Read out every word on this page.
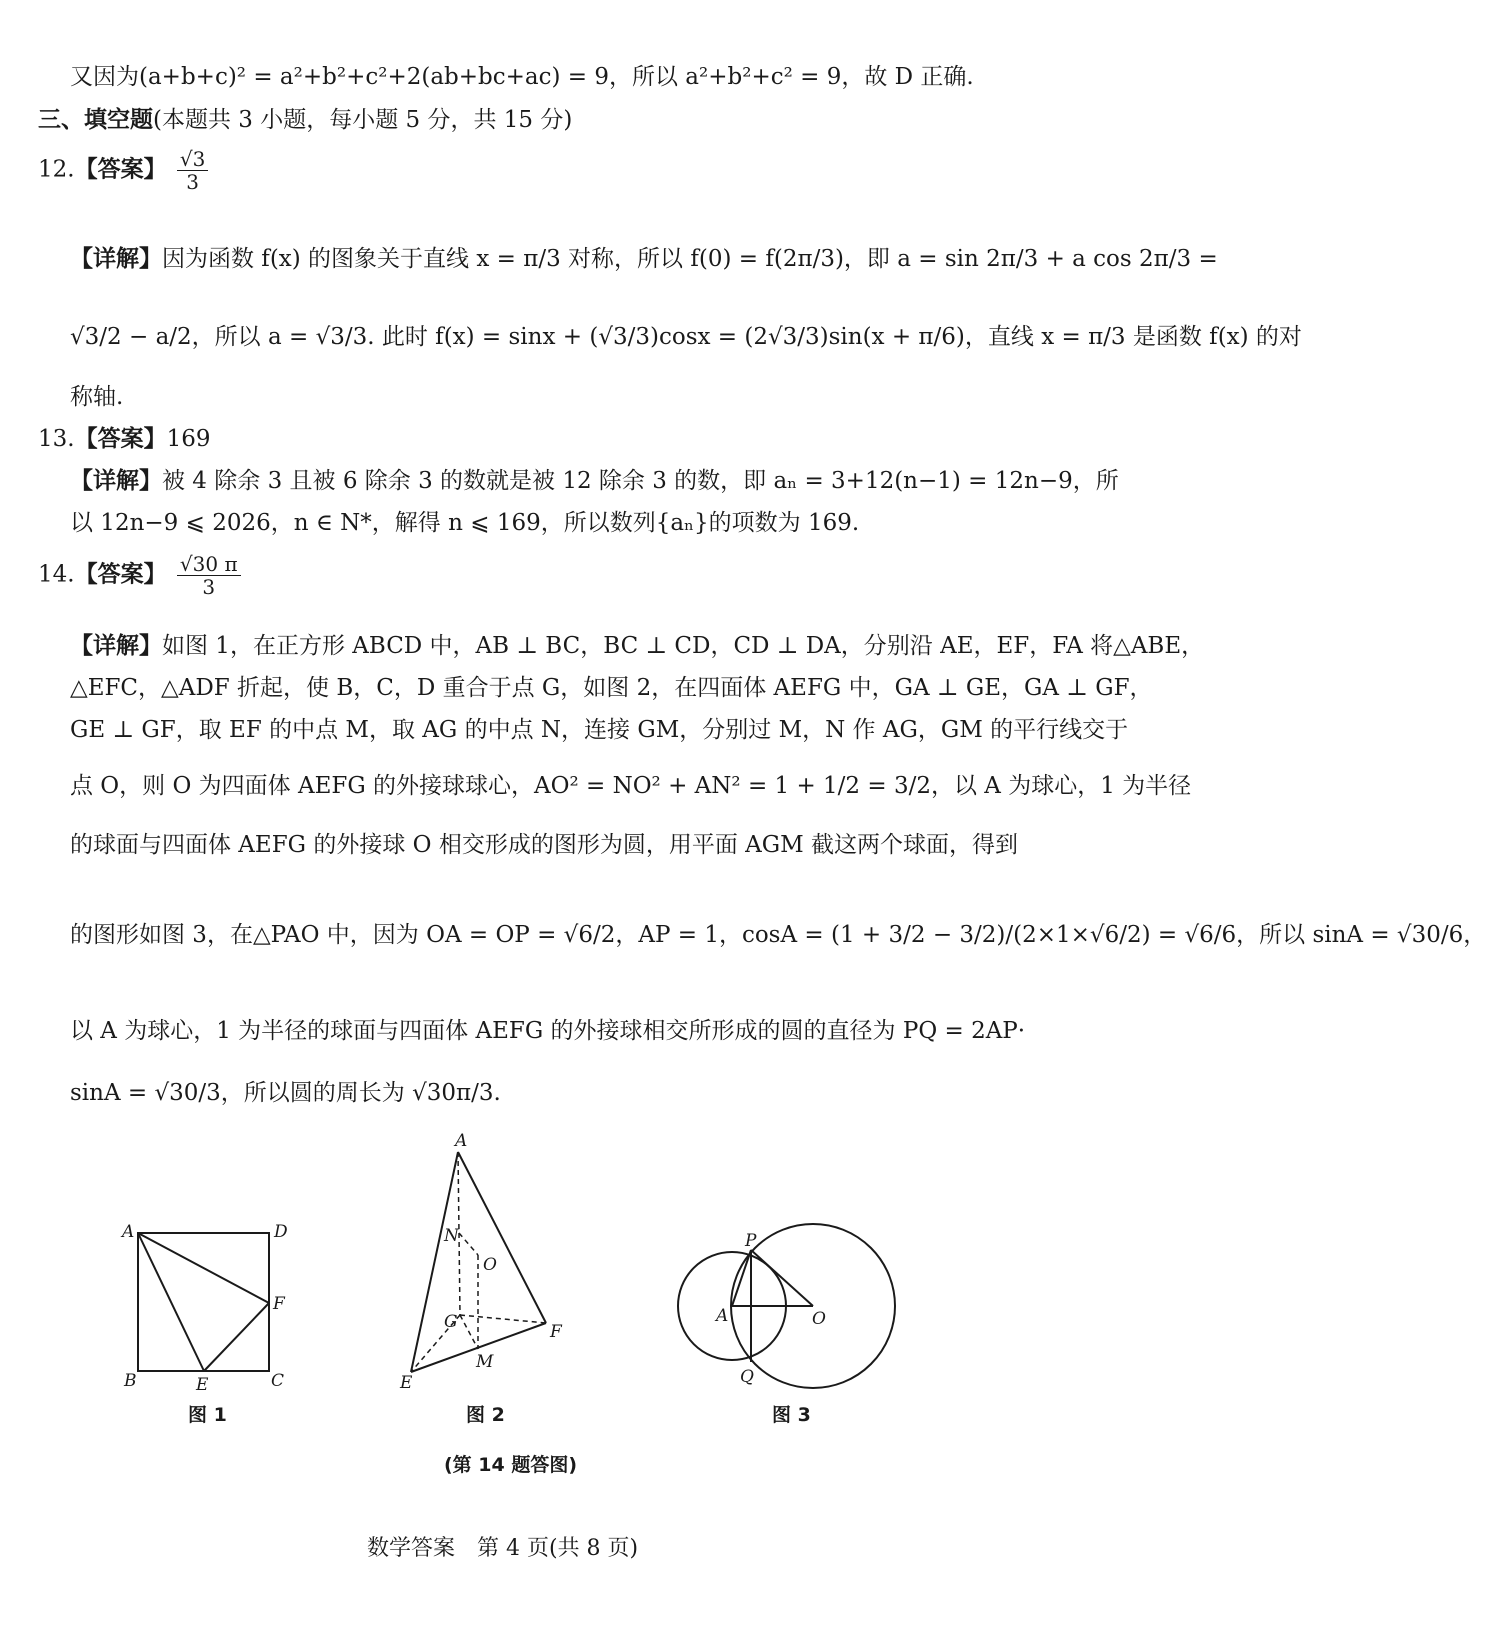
又因为(a+b+c)² = a²+b²+c²+2(ab+bc+ac) = 9，所以 a²+b²+c² = 9，故 D 正确.
三、填空题(本题共 3 小题，每小题 5 分，共 15 分)
12.【答案】 $\frac{√3}{3}$
【详解】因为函数 f(x) 的图象关于直线 x = π/3 对称，所以 f(0) = f(2π/3)，即 a = sin 2π/3 + a cos 2π/3 =
√3/2 − a/2，所以 a = √3/3. 此时 f(x) = sinx + (√3/3)cosx = (2√3/3)sin(x + π/6)，直线 x = π/3 是函数 f(x) 的对
称轴.
13.【答案】169
【详解】被 4 除余 3 且被 6 除余 3 的数就是被 12 除余 3 的数，即 aₙ = 3+12(n−1) = 12n−9，所
以 12n−9 ⩽ 2026，n ∈ N*，解得 n ⩽ 169，所以数列{aₙ}的项数为 169.
14.【答案】 $\frac{√30 \pi}{3}$
【详解】如图 1，在正方形 ABCD 中，AB ⊥ BC，BC ⊥ CD，CD ⊥ DA，分别沿 AE，EF，FA 将△ABE，
△EFC，△ADF 折起，使 B，C，D 重合于点 G，如图 2，在四面体 AEFG 中，GA ⊥ GE，GA ⊥ GF，
GE ⊥ GF，取 EF 的中点 M，取 AG 的中点 N，连接 GM，分别过 M，N 作 AG，GM 的平行线交于
点 O，则 O 为四面体 AEFG 的外接球球心，AO² = NO² + AN² = 1 + 1/2 = 3/2，以 A 为球心，1 为半径
的球面与四面体 AEFG 的外接球 O 相交形成的图形为圆，用平面 AGM 截这两个球面，得到
的图形如图 3，在△PAO 中，因为 OA = OP = √6/2，AP = 1，cosA = (1 + 3/2 − 3/2)/(2×1×√6/2) = √6/6，所以 sinA = √30/6，
以 A 为球心，1 为半径的球面与四面体 AEFG 的外接球相交所形成的圆的直径为 PQ = 2AP·
sinA = √30/3，所以圆的周长为 √30π/3.
A	D
F
B	E	C
A
N
O
G	F
M
E
P
A	O
Q
图 1	图 2	图 3
(第 14 题答图)
数学答案　第 4 页(共 8 页)
